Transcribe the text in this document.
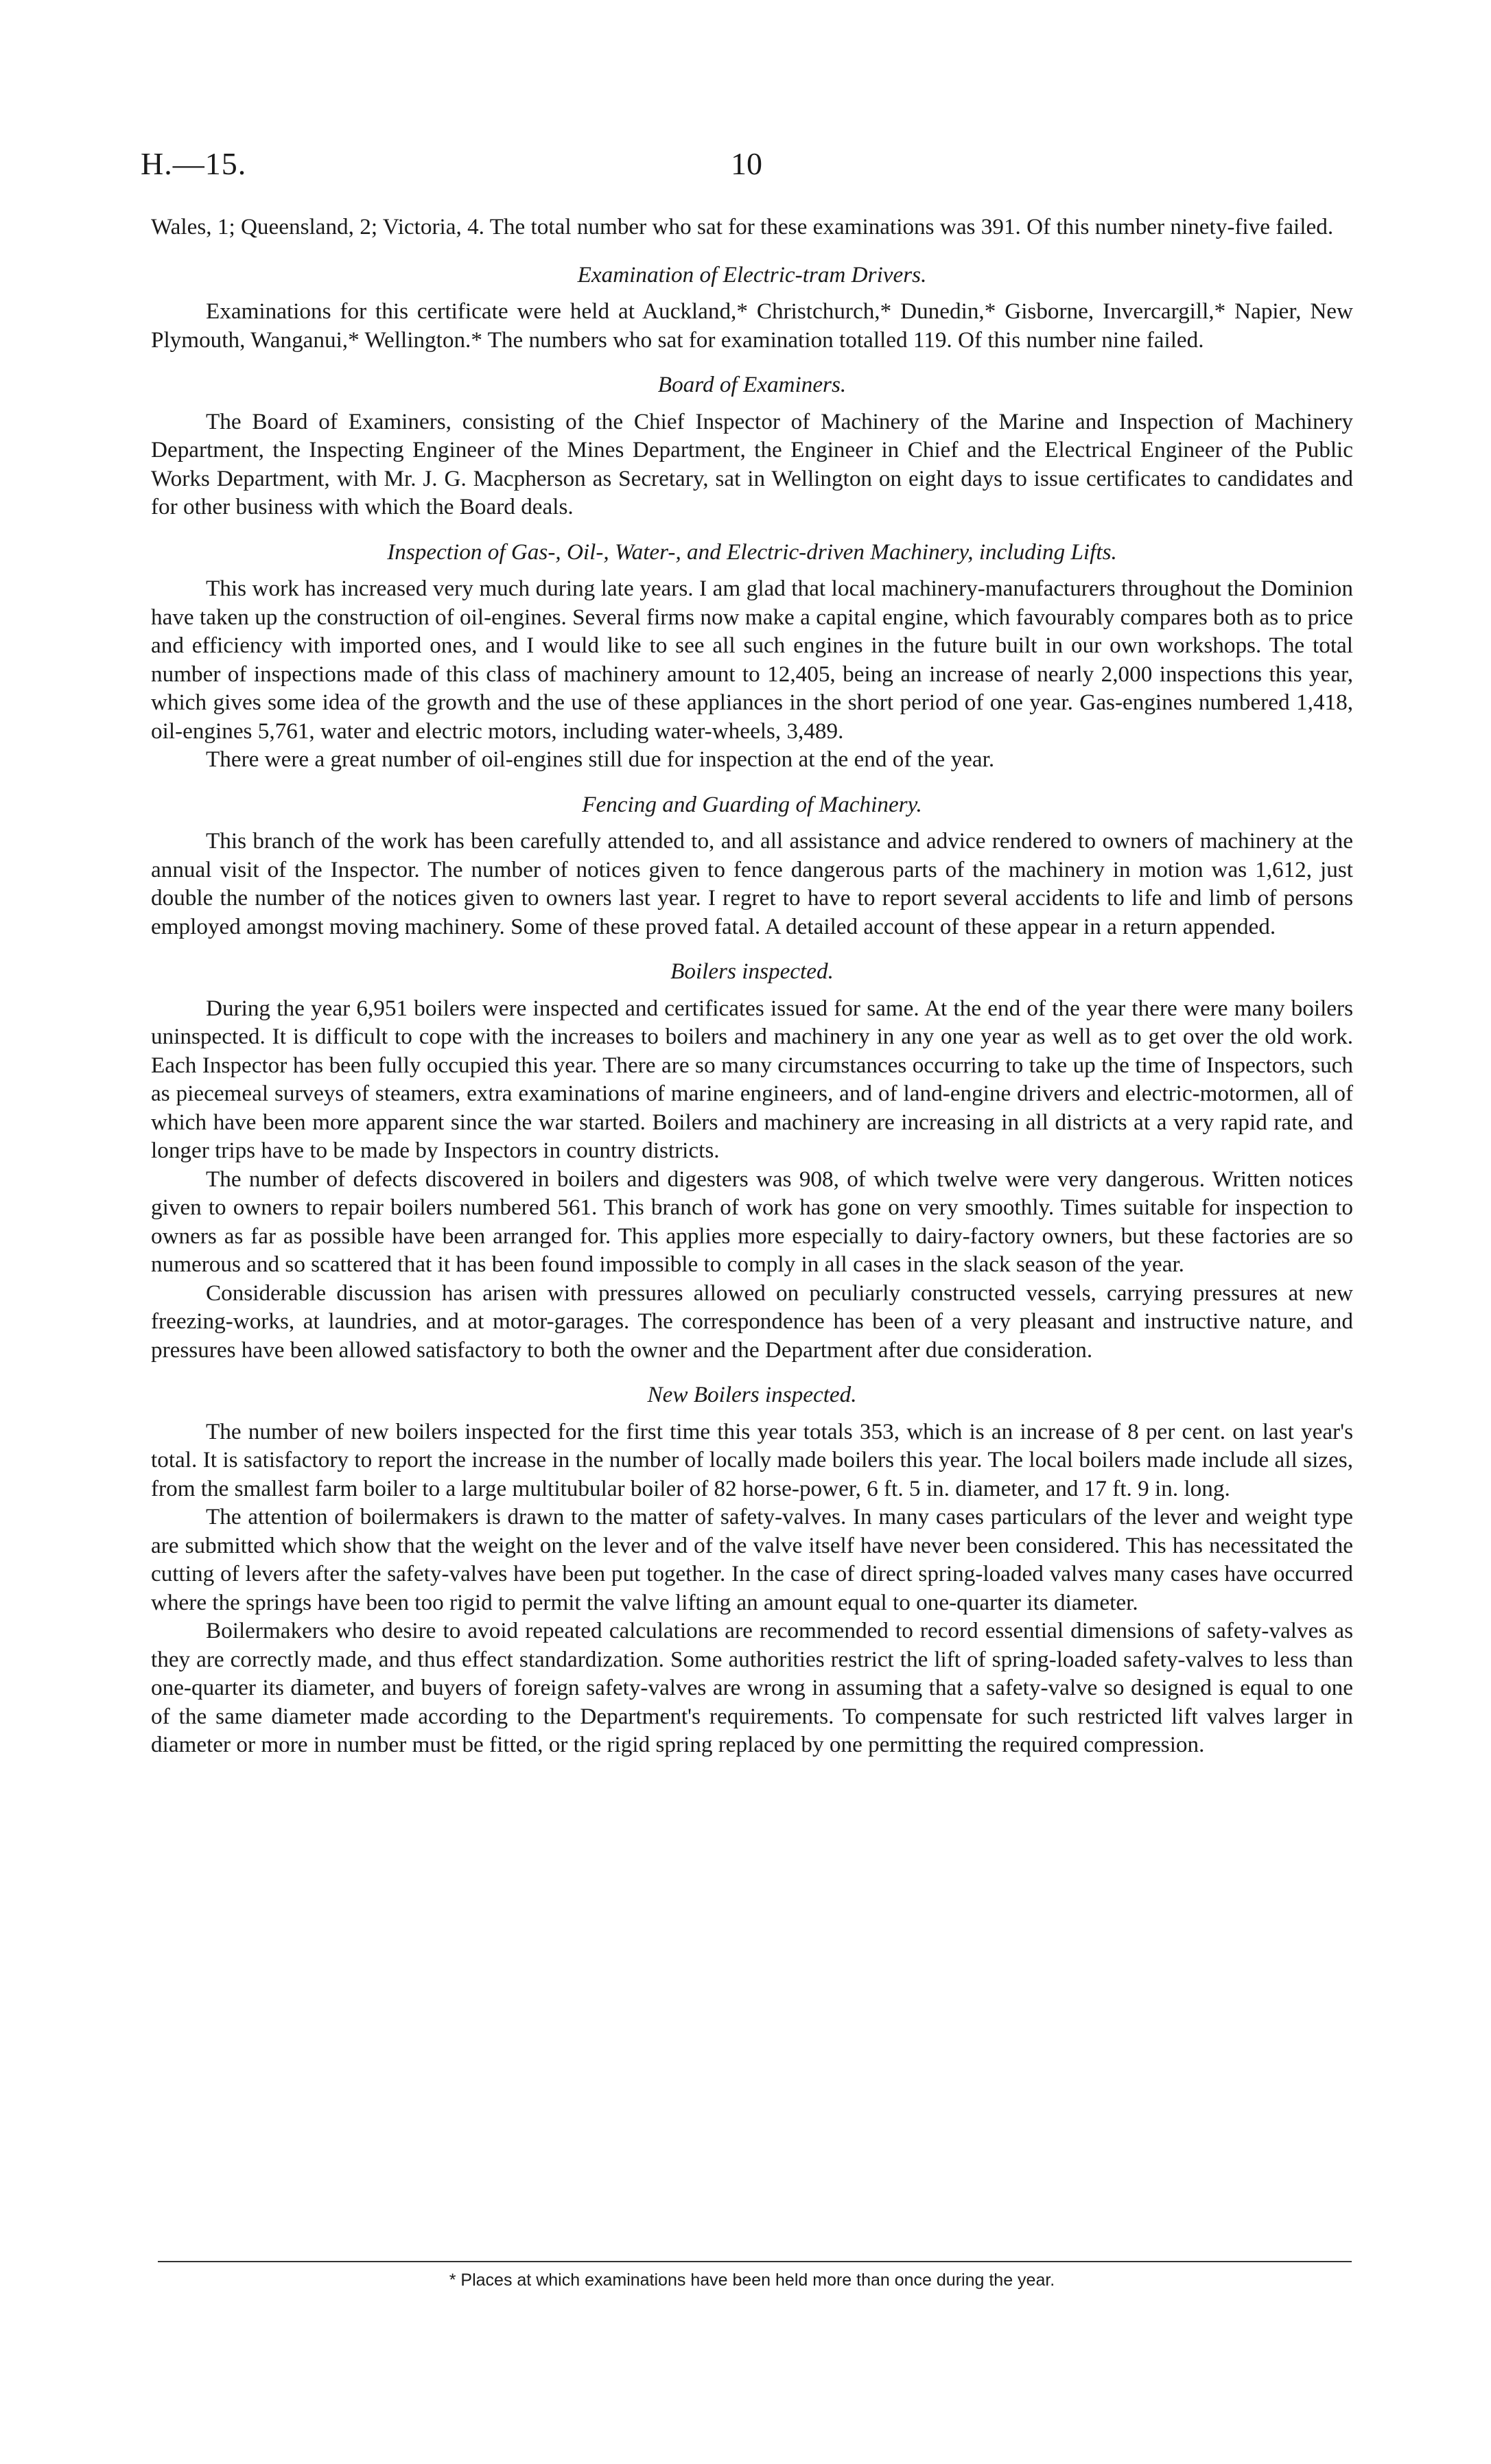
H.—15.	10

Wales, 1; Queensland, 2; Victoria, 4. The total number who sat for these examinations was 391. Of this number ninety-five failed.

Examination of Electric-tram Drivers.

Examinations for this certificate were held at Auckland,* Christchurch,* Dunedin,* Gisborne, Invercargill,* Napier, New Plymouth, Wanganui,* Wellington.* The numbers who sat for examination totalled 119. Of this number nine failed.

Board of Examiners.

The Board of Examiners, consisting of the Chief Inspector of Machinery of the Marine and Inspection of Machinery Department, the Inspecting Engineer of the Mines Department, the Engineer in Chief and the Electrical Engineer of the Public Works Department, with Mr. J. G. Macpherson as Secretary, sat in Wellington on eight days to issue certificates to candidates and for other business with which the Board deals.

Inspection of Gas-, Oil-, Water-, and Electric-driven Machinery, including Lifts.

This work has increased very much during late years. I am glad that local machinery-manufacturers throughout the Dominion have taken up the construction of oil-engines. Several firms now make a capital engine, which favourably compares both as to price and efficiency with imported ones, and I would like to see all such engines in the future built in our own workshops. The total number of inspections made of this class of machinery amount to 12,405, being an increase of nearly 2,000 inspections this year, which gives some idea of the growth and the use of these appliances in the short period of one year. Gas-engines numbered 1,418, oil-engines 5,761, water and electric motors, including water-wheels, 3,489.

There were a great number of oil-engines still due for inspection at the end of the year.

Fencing and Guarding of Machinery.

This branch of the work has been carefully attended to, and all assistance and advice rendered to owners of machinery at the annual visit of the Inspector. The number of notices given to fence dangerous parts of the machinery in motion was 1,612, just double the number of the notices given to owners last year. I regret to have to report several accidents to life and limb of persons employed amongst moving machinery. Some of these proved fatal. A detailed account of these appear in a return appended.

Boilers inspected.

During the year 6,951 boilers were inspected and certificates issued for same. At the end of the year there were many boilers uninspected. It is difficult to cope with the increases to boilers and machinery in any one year as well as to get over the old work. Each Inspector has been fully occupied this year. There are so many circumstances occurring to take up the time of Inspectors, such as piecemeal surveys of steamers, extra examinations of marine engineers, and of land-engine drivers and electric-motormen, all of which have been more apparent since the war started. Boilers and machinery are increasing in all districts at a very rapid rate, and longer trips have to be made by Inspectors in country districts.

The number of defects discovered in boilers and digesters was 908, of which twelve were very dangerous. Written notices given to owners to repair boilers numbered 561. This branch of work has gone on very smoothly. Times suitable for inspection to owners as far as possible have been arranged for. This applies more especially to dairy-factory owners, but these factories are so numerous and so scattered that it has been found impossible to comply in all cases in the slack season of the year.

Considerable discussion has arisen with pressures allowed on peculiarly constructed vessels, carrying pressures at new freezing-works, at laundries, and at motor-garages. The correspondence has been of a very pleasant and instructive nature, and pressures have been allowed satisfactory to both the owner and the Department after due consideration.

New Boilers inspected.

The number of new boilers inspected for the first time this year totals 353, which is an increase of 8 per cent. on last year's total. It is satisfactory to report the increase in the number of locally made boilers this year. The local boilers made include all sizes, from the smallest farm boiler to a large multitubular boiler of 82 horse-power, 6 ft. 5 in. diameter, and 17 ft. 9 in. long.

The attention of boilermakers is drawn to the matter of safety-valves. In many cases particulars of the lever and weight type are submitted which show that the weight on the lever and of the valve itself have never been considered. This has necessitated the cutting of levers after the safety-valves have been put together. In the case of direct spring-loaded valves many cases have occurred where the springs have been too rigid to permit the valve lifting an amount equal to one-quarter its diameter.

Boilermakers who desire to avoid repeated calculations are recommended to record essential dimensions of safety-valves as they are correctly made, and thus effect standardization. Some authorities restrict the lift of spring-loaded safety-valves to less than one-quarter its diameter, and buyers of foreign safety-valves are wrong in assuming that a safety-valve so designed is equal to one of the same diameter made according to the Department's requirements. To compensate for such restricted lift valves larger in diameter or more in number must be fitted, or the rigid spring replaced by one permitting the required compression.

* Places at which examinations have been held more than once during the year.
